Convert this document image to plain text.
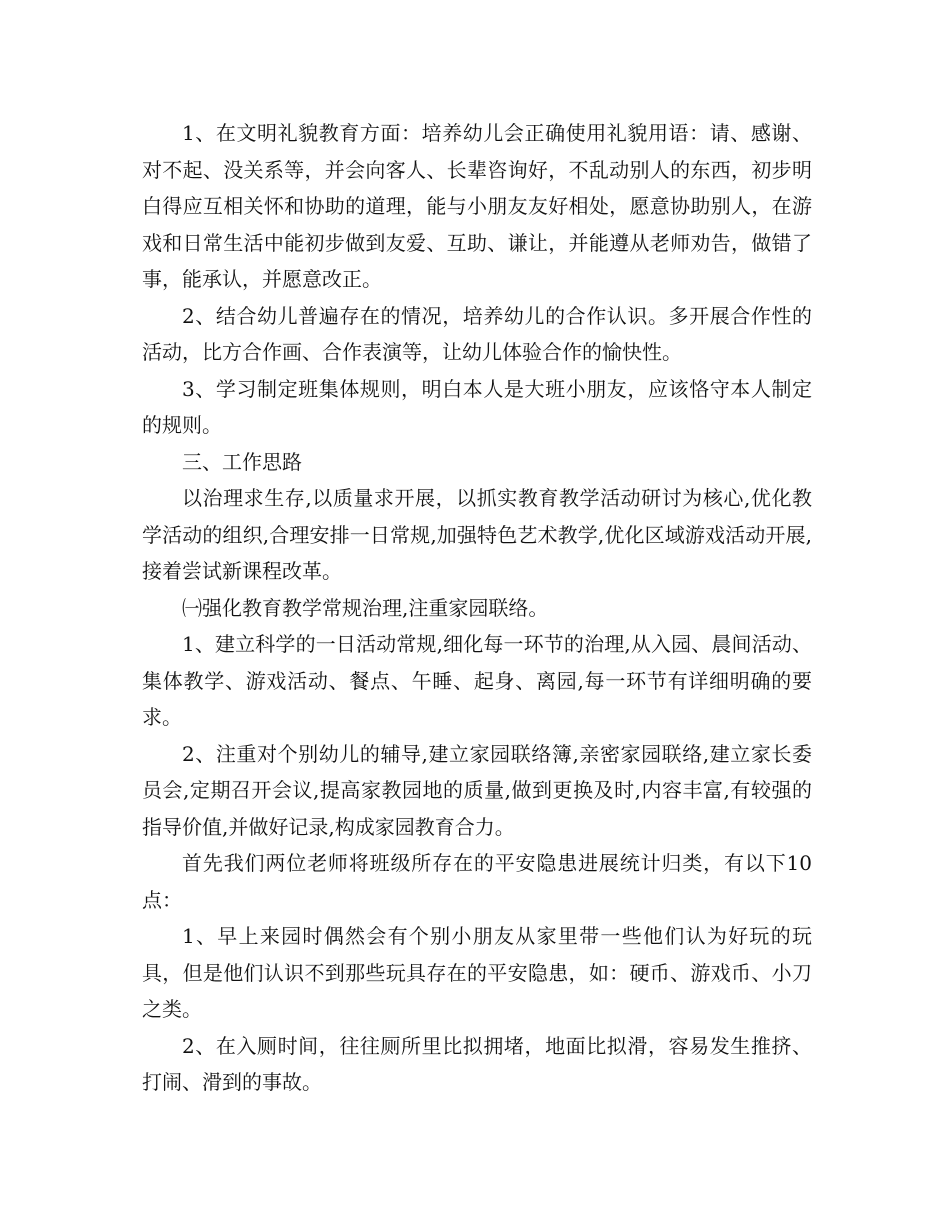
1、在文明礼貌教育方面：培养幼儿会正确使用礼貌用语：请、感谢、对不起、没关系等，并会向客人、长辈咨询好，不乱动别人的东西，初步明白得应互相关怀和协助的道理，能与小朋友友好相处，愿意协助别人，在游戏和日常生活中能初步做到友爱、互助、谦让，并能遵从老师劝告，做错了事，能承认，并愿意改正。

2、结合幼儿普遍存在的情况，培养幼儿的合作认识。多开展合作性的活动，比方合作画、合作表演等，让幼儿体验合作的愉快性。

3、学习制定班集体规则，明白本人是大班小朋友，应该恪守本人制定的规则。

三、工作思路

以治理求生存,以质量求开展，以抓实教育教学活动研讨为核心,优化教学活动的组织,合理安排一日常规,加强特色艺术教学,优化区域游戏活动开展,接着尝试新课程改革。

㈠强化教育教学常规治理,注重家园联络。

1、建立科学的一日活动常规,细化每一环节的治理,从入园、晨间活动、集体教学、游戏活动、餐点、午睡、起身、离园,每一环节有详细明确的要求。

2、注重对个别幼儿的辅导,建立家园联络簿,亲密家园联络,建立家长委员会,定期召开会议,提高家教园地的质量,做到更换及时,内容丰富,有较强的指导价值,并做好记录,构成家园教育合力。

首先我们两位老师将班级所存在的平安隐患进展统计归类，有以下10点：

1、早上来园时偶然会有个别小朋友从家里带一些他们认为好玩的玩具，但是他们认识不到那些玩具存在的平安隐患，如：硬币、游戏币、小刀之类。

2、在入厕时间，往往厕所里比拟拥堵，地面比拟滑，容易发生推挤、打闹、滑到的事故。
